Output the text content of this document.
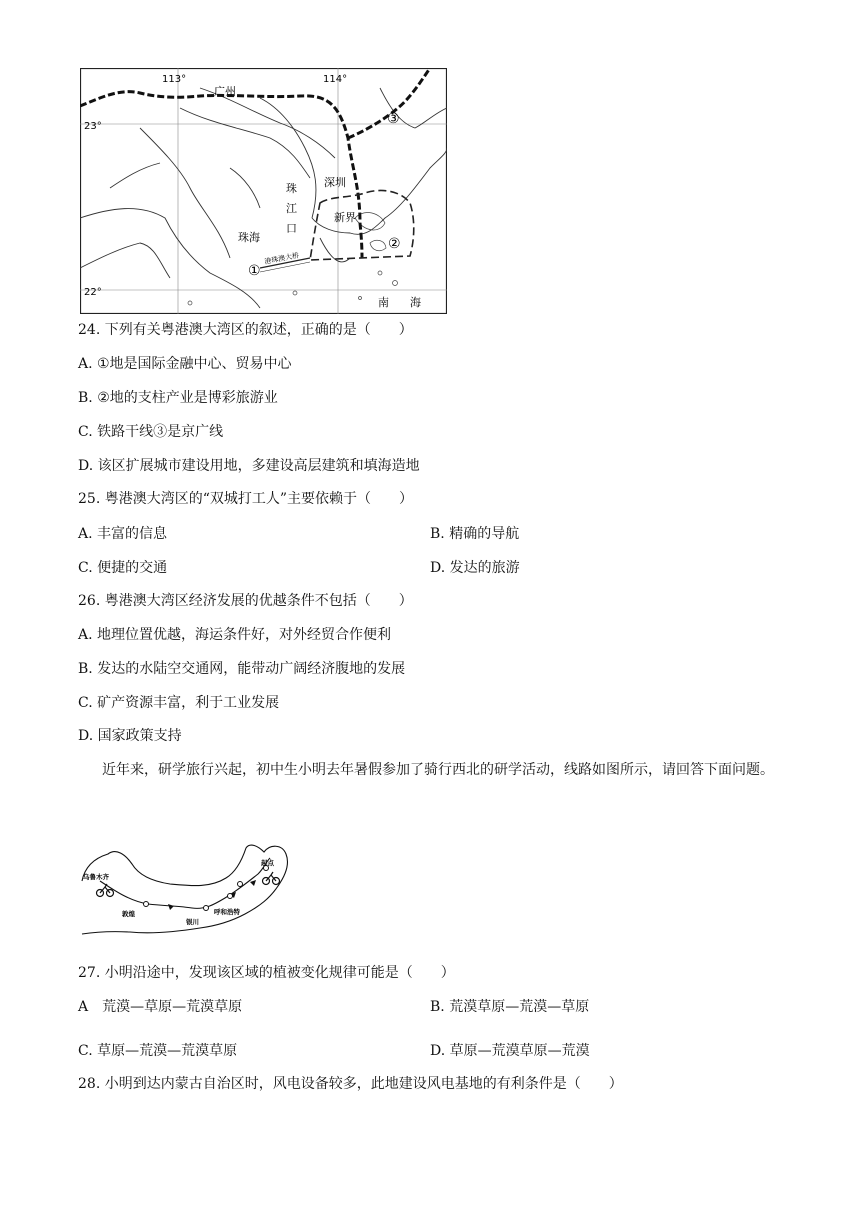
113°	114°
23°
22°
广州
深圳
新界
珠海
珠
江
口
港珠澳大桥
南 海
①
②
③
24. 下列有关粤港澳大湾区的叙述，正确的是（　　）
A. ①地是国际金融中心、贸易中心
B. ②地的支柱产业是博彩旅游业
C. 铁路干线③是京广线
D. 该区扩展城市建设用地，多建设高层建筑和填海造地
25. 粤港澳大湾区的“双城打工人”主要依赖于（　　）
A. 丰富的信息	B. 精确的导航
C. 便捷的交通	D. 发达的旅游
26. 粤港澳大湾区经济发展的优越条件不包括（　　）
A. 地理位置优越，海运条件好，对外经贸合作便利
B. 发达的水陆空交通网，能带动广阔经济腹地的发展
C. 矿产资源丰富，利于工业发展
D. 国家政策支持
近年来，研学旅行兴起，初中生小明去年暑假参加了骑行西北的研学活动，线路如图所示，请回答下面问题。
乌鲁木齐
敦煌
银川
呼和浩特
起点
27. 小明沿途中，发现该区域的植被变化规律可能是（　　）
A　荒漠—草原—荒漠草原	B. 荒漠草原—荒漠—草原
C. 草原—荒漠—荒漠草原	D. 草原—荒漠草原—荒漠
28. 小明到达内蒙古自治区时，风电设备较多，此地建设风电基地的有利条件是（　　）
